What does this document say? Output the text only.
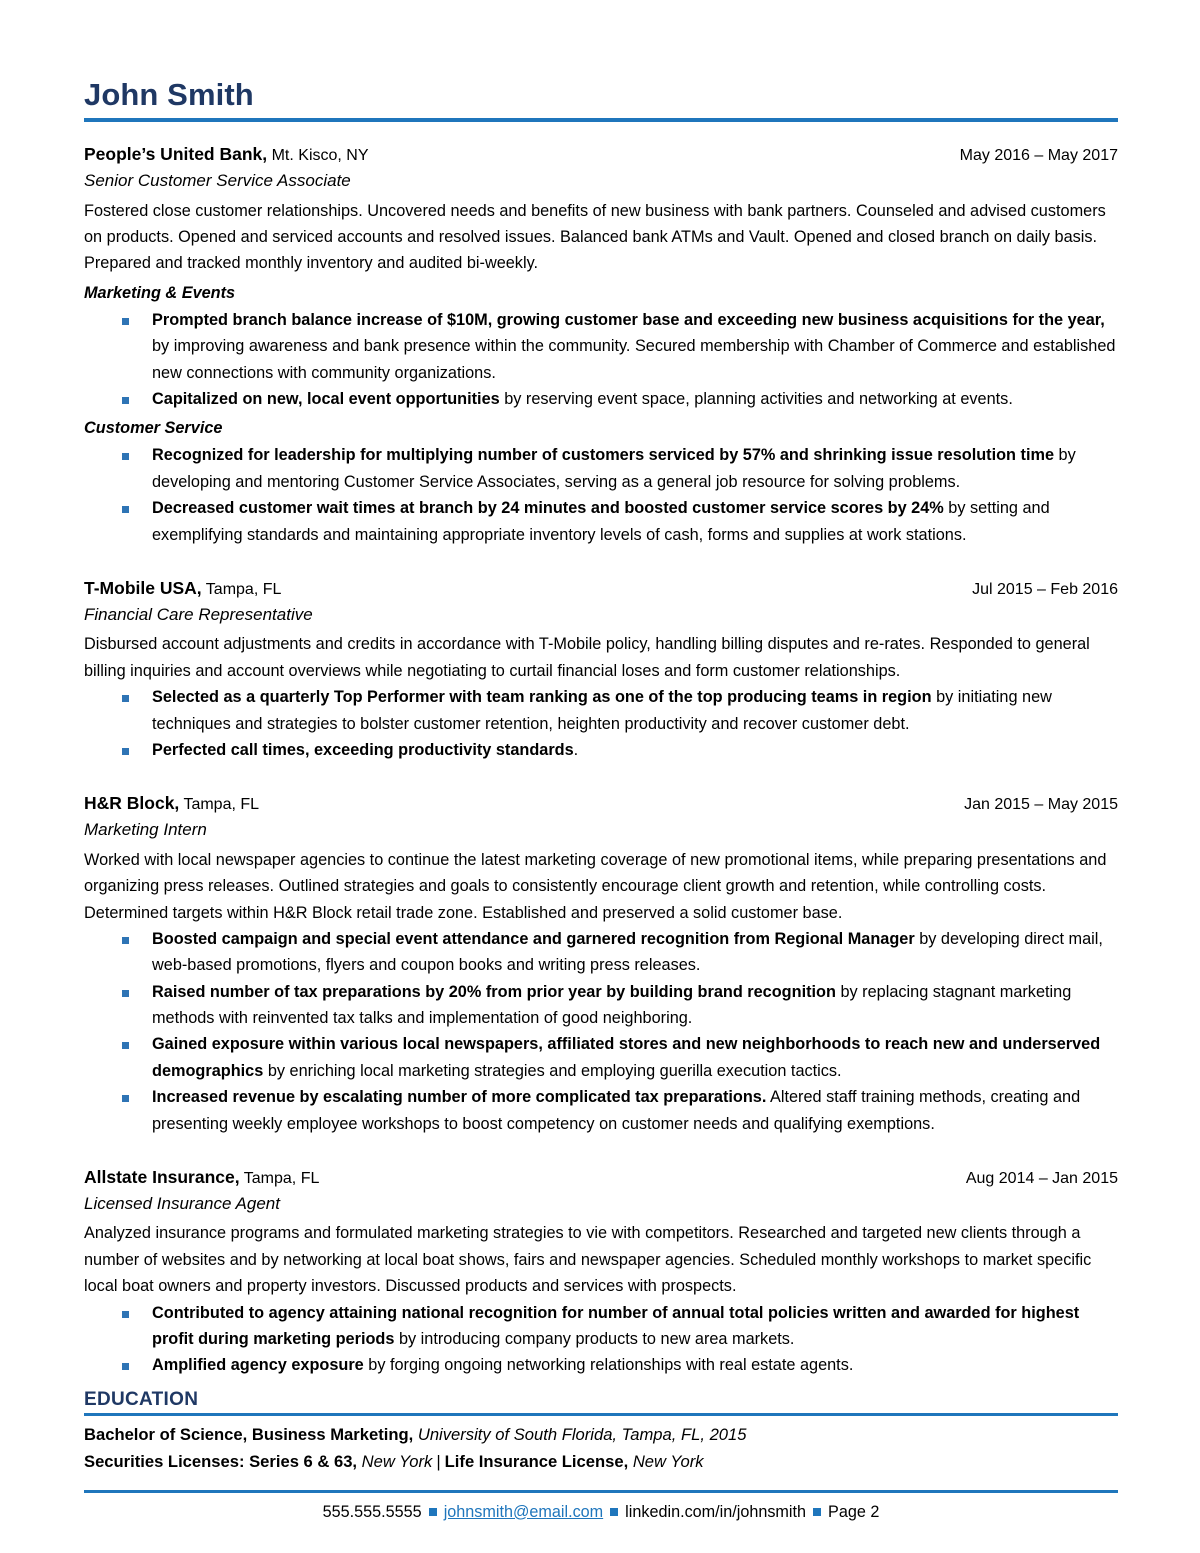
John Smith
People’s United Bank, Mt. Kisco, NY	May 2016 – May 2017
Senior Customer Service Associate

Fostered close customer relationships. Uncovered needs and benefits of new business with bank partners. Counseled and advised customers on products. Opened and serviced accounts and resolved issues. Balanced bank ATMs and Vault. Opened and closed branch on daily basis. Prepared and tracked monthly inventory and audited bi-weekly.

Marketing & Events
Prompted branch balance increase of $10M, growing customer base and exceeding new business acquisitions for the year, by improving awareness and bank presence within the community. Secured membership with Chamber of Commerce and established new connections with community organizations.
Capitalized on new, local event opportunities by reserving event space, planning activities and networking at events.
Customer Service
Recognized for leadership for multiplying number of customers serviced by 57% and shrinking issue resolution time by developing and mentoring Customer Service Associates, serving as a general job resource for solving problems.
Decreased customer wait times at branch by 24 minutes and boosted customer service scores by 24% by setting and exemplifying standards and maintaining appropriate inventory levels of cash, forms and supplies at work stations.
T-Mobile USA, Tampa, FL	Jul 2015 – Feb 2016
Financial Care Representative

Disbursed account adjustments and credits in accordance with T-Mobile policy, handling billing disputes and re-rates. Responded to general billing inquiries and account overviews while negotiating to curtail financial loses and form customer relationships.

Selected as a quarterly Top Performer with team ranking as one of the top producing teams in region by initiating new techniques and strategies to bolster customer retention, heighten productivity and recover customer debt.
Perfected call times, exceeding productivity standards.
H&R Block, Tampa, FL	Jan 2015 – May 2015
Marketing Intern

Worked with local newspaper agencies to continue the latest marketing coverage of new promotional items, while preparing presentations and organizing press releases. Outlined strategies and goals to consistently encourage client growth and retention, while controlling costs. Determined targets within H&R Block retail trade zone. Established and preserved a solid customer base.

Boosted campaign and special event attendance and garnered recognition from Regional Manager by developing direct mail, web-based promotions, flyers and coupon books and writing press releases.
Raised number of tax preparations by 20% from prior year by building brand recognition by replacing stagnant marketing methods with reinvented tax talks and implementation of good neighboring.
Gained exposure within various local newspapers, affiliated stores and new neighborhoods to reach new and underserved demographics by enriching local marketing strategies and employing guerilla execution tactics.
Increased revenue by escalating number of more complicated tax preparations. Altered staff training methods, creating and presenting weekly employee workshops to boost competency on customer needs and qualifying exemptions.
Allstate Insurance, Tampa, FL	Aug 2014 – Jan 2015
Licensed Insurance Agent

Analyzed insurance programs and formulated marketing strategies to vie with competitors. Researched and targeted new clients through a number of websites and by networking at local boat shows, fairs and newspaper agencies. Scheduled monthly workshops to market specific local boat owners and property investors. Discussed products and services with prospects.

Contributed to agency attaining national recognition for number of annual total policies written and awarded for highest profit during marketing periods by introducing company products to new area markets.
Amplified agency exposure by forging ongoing networking relationships with real estate agents.
EDUCATION
Bachelor of Science, Business Marketing, University of South Florida, Tampa, FL, 2015
Securities Licenses: Series 6 & 63, New York | Life Insurance License, New York
555.555.5555 johnsmith@email.com linkedin.com/in/johnsmith Page 2
